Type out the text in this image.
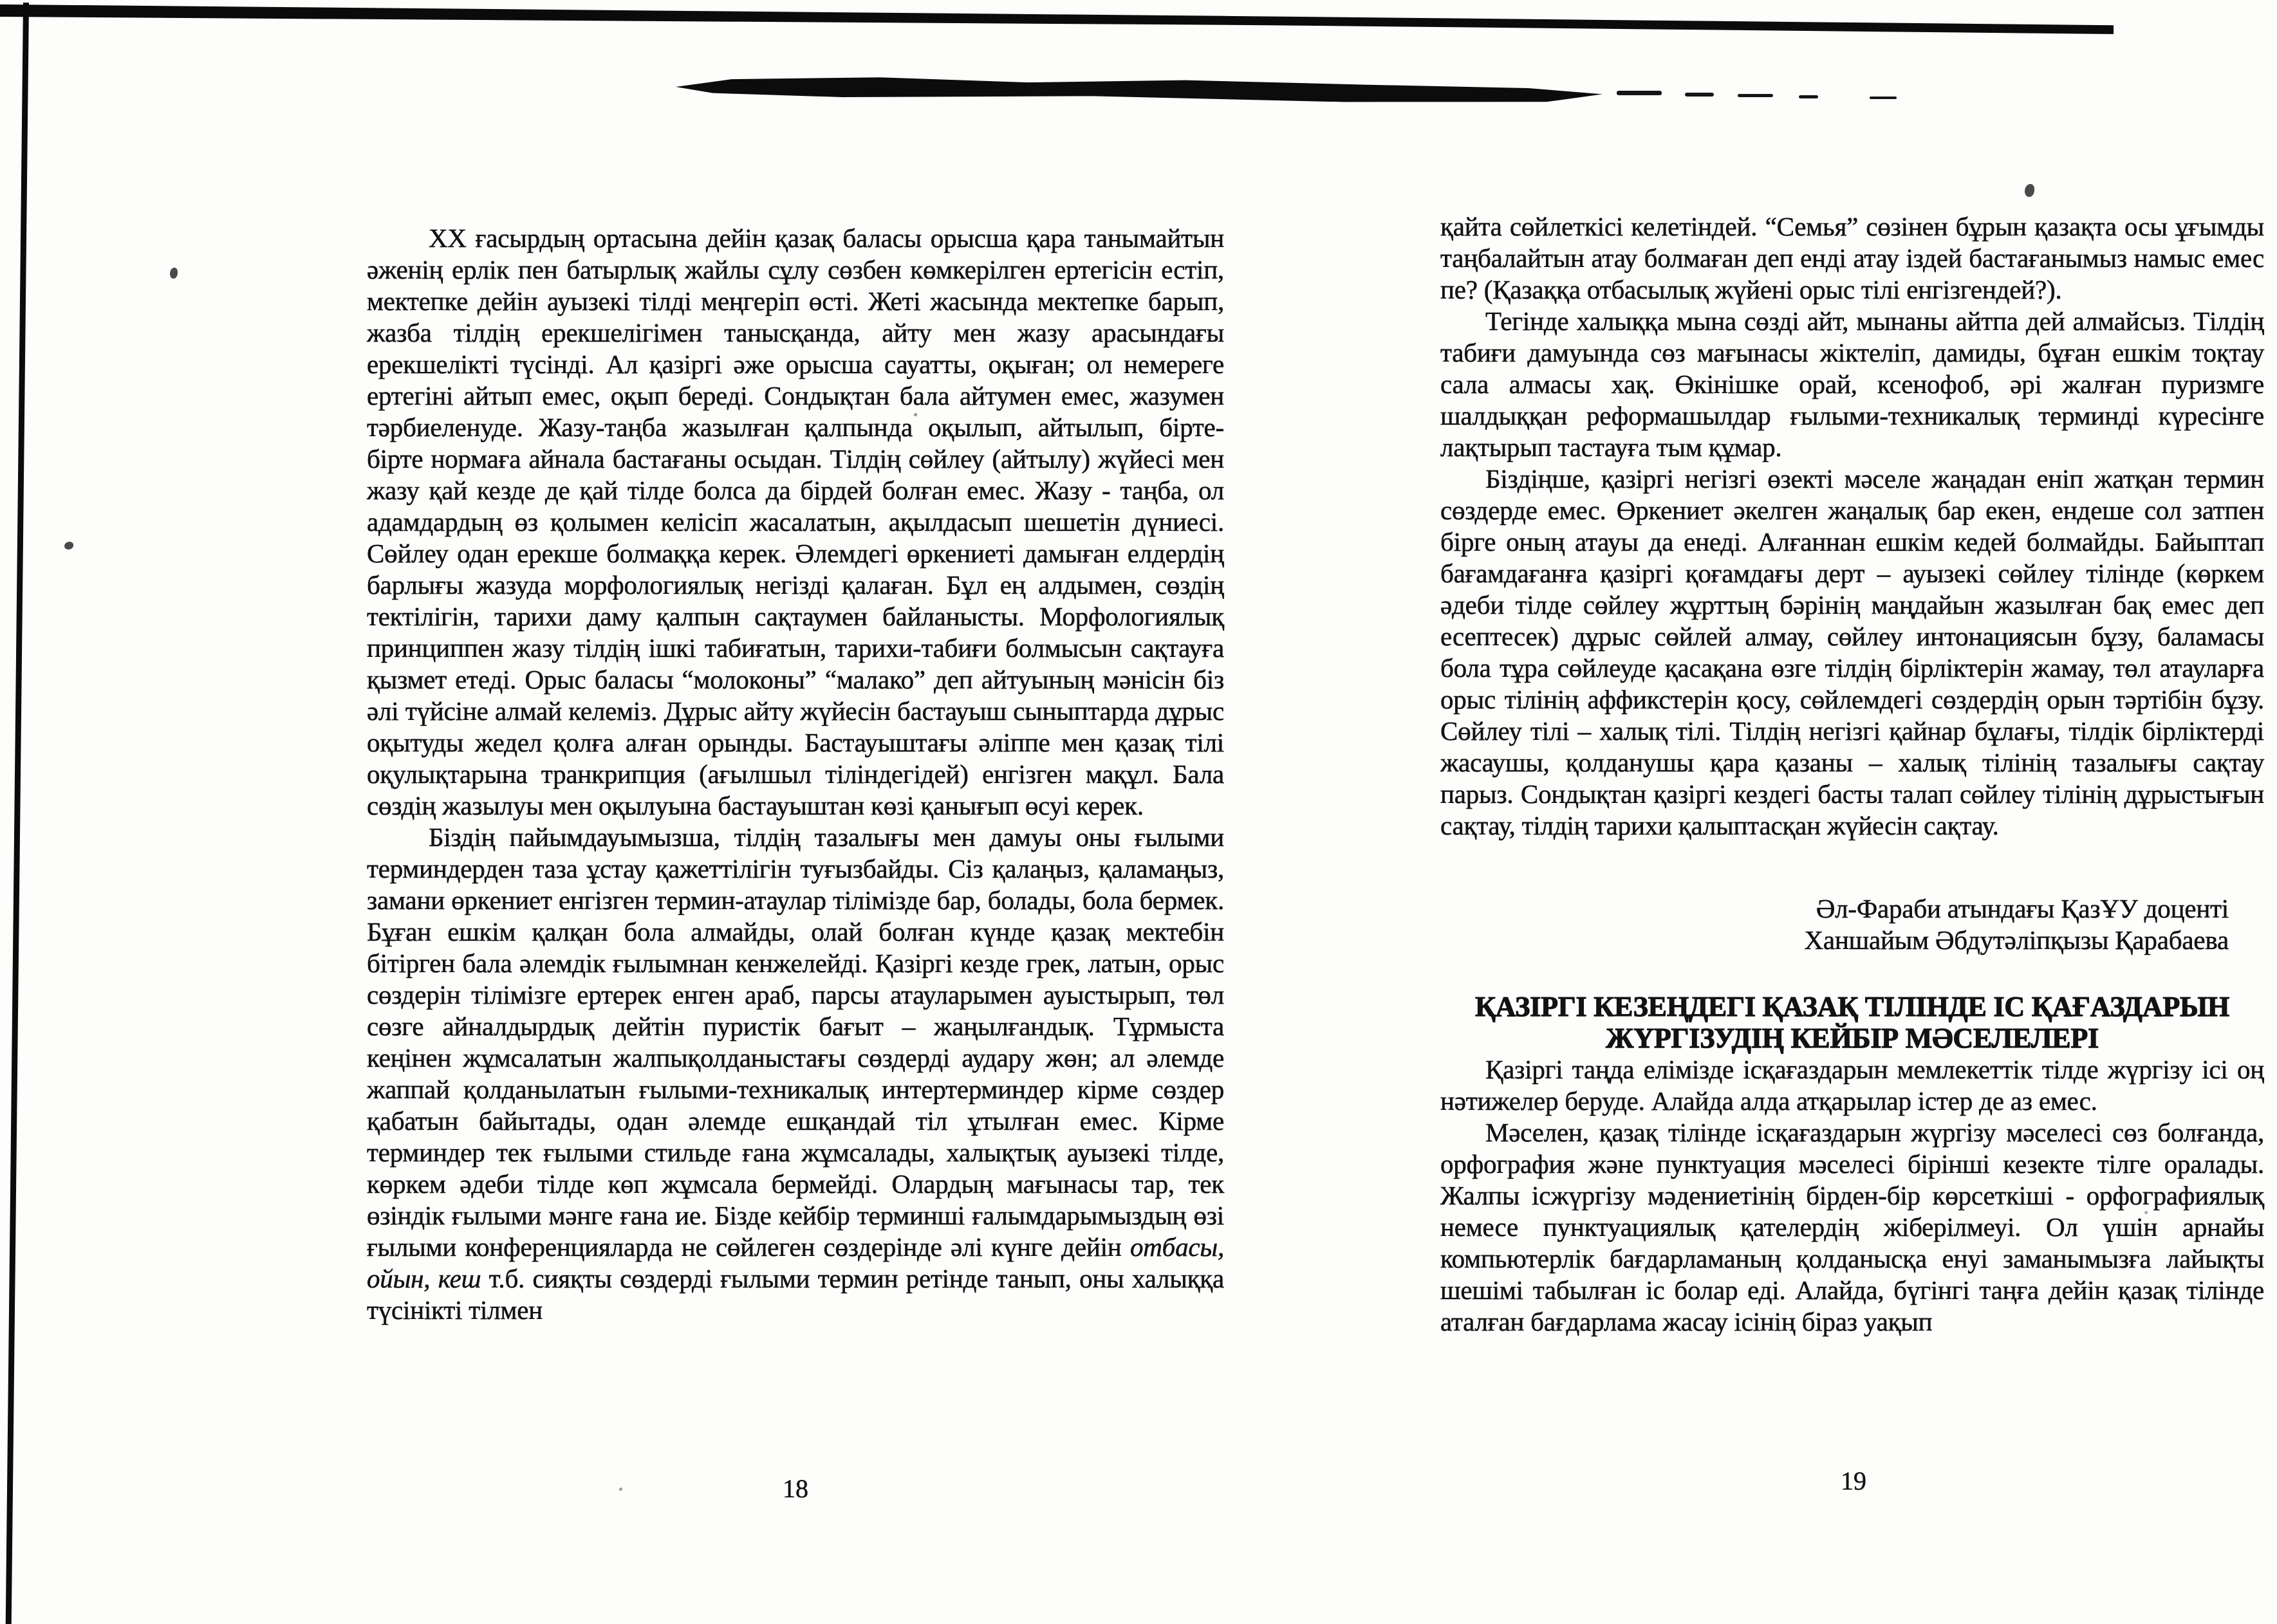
XX ғасырдың ортасына дейін қазақ баласы орысша қара танымайтын әженің ерлік пен батырлық жайлы сұлу сөзбен көмкерілген ертегісін естіп, мектепке дейін ауызекі тілді меңгеріп өсті. Жеті жасында мектепке барып, жазба тілдің ерекшелігімен танысқанда, айту мен жазу арасындағы ерекшелікті түсінді. Ал қазіргі әже орысша сауатты, оқыған; ол немереге ертегіні айтып емес, оқып береді. Сондықтан бала айтумен емес, жазумен тәрбиеленуде. Жазу-таңба жазылған қалпында оқылып, айтылып, бірте-бірте нормаға айнала бастағаны осыдан. Тілдің сөйлеу (айтылу) жүйесі мен жазу қай кезде де қай тілде болса да бірдей болған емес. Жазу - таңба, ол адамдардың өз қолымен келісіп жасалатын, ақылдасып шешетін дүниесі. Сөйлеу одан ерекше болмаққа керек. Әлемдегі өркениеті дамыған елдердің барлығы жазуда морфологиялық негізді қалаған. Бұл ең алдымен, сөздің тектілігін, тарихи даму қалпын сақтаумен байланысты. Морфологиялық принциппен жазу тілдің ішкі табиғатын, тарихи-табиғи болмысын сақтауға қызмет етеді. Орыс баласы “молоконы” “малако” деп айтуының мәнісін біз әлі түйсіне алмай келеміз. Дұрыс айту жүйесін бастауыш сыныптарда дұрыс оқытуды жедел қолға алған орынды. Бастауыштағы әліппе мен қазақ тілі оқулықтарына транкрипция (ағылшыл тіліндегідей) енгізген мақұл. Бала сөздің жазылуы мен оқылуына бастауыштан көзі қанығып өсуі керек.

Біздің пайымдауымызша, тілдің тазалығы мен дамуы оны ғылыми терминдерден таза ұстау қажеттілігін туғызбайды. Сіз қалаңыз, қаламаңыз, замани өркениет енгізген термин-атаулар тілімізде бар, болады, бола бермек. Бұған ешкім қалқан бола алмайды, олай болған күнде қазақ мектебін бітірген бала әлемдік ғылымнан кенжелейді. Қазіргі кезде грек, латын, орыс сөздерін тілімізге ертерек енген араб, парсы атауларымен ауыстырып, төл сөзге айналдырдық дейтін пуристік бағыт – жаңылғандық. Тұрмыста кеңінен жұмсалатын жалпықолданыстағы сөздерді аудару жөн; ал әлемде жаппай қолданылатын ғылыми-техникалық интертерминдер кірме сөздер қабатын байытады, одан әлемде ешқандай тіл ұтылған емес. Кірме терминдер тек ғылыми стильде ғана жұмсалады, халықтық ауызекі тілде, көркем әдеби тілде көп жұмсала бермейді. Олардың мағынасы тар, тек өзіндік ғылыми мәнге ғана ие. Бізде кейбір терминші ғалымдарымыздың өзі ғылыми конференцияларда не сөйлеген сөздерінде әлі күнге дейін отбасы, ойын, кеш т.б. сияқты сөздерді ғылыми термин ретінде танып, оны халыққа түсінікті тілмен

18

қайта сөйлеткісі келетіндей. “Семья” сөзінен бұрын қазақта осы ұғымды таңбалайтын атау болмаған деп енді атау іздей бастағанымыз намыс емес пе? (Қазаққа отбасылық жүйені орыс тілі енгізгендей?).

Тегінде халыққа мына сөзді айт, мынаны айтпа дей алмайсыз. Тілдің табиғи дамуында сөз мағынасы жіктеліп, дамиды, бұған ешкім тоқтау сала алмасы хақ. Өкінішке орай, ксенофоб, әрі жалған пуризмге шалдыққан реформашылдар ғылыми-техникалық терминді күресінге лақтырып тастауға тым құмар.

Біздіңше, қазіргі негізгі өзекті мәселе жаңадан еніп жатқан термин сөздерде емес. Өркениет әкелген жаңалық бар екен, ендеше сол затпен бірге оның атауы да енеді. Алғаннан ешкім кедей болмайды. Байыптап бағамдағанға қазіргі қоғамдағы дерт – ауызекі сөйлеу тілінде (көркем әдеби тілде сөйлеу жұрттың бәрінің маңдайын жазылған бақ емес деп есептесек) дұрыс сөйлей алмау, сөйлеу интонациясын бұзу, баламасы бола тұра сөйлеуде қасақана өзге тілдің бірліктерін жамау, төл атауларға орыс тілінің аффикстерін қосу, сөйлемдегі сөздердің орын тәртібін бұзу. Сөйлеу тілі – халық тілі. Тілдің негізгі қайнар бұлағы, тілдік бірліктерді жасаушы, қолданушы қара қазаны – халық тілінің тазалығы сақтау парыз. Сондықтан қазіргі кездегі басты талап сөйлеу тілінің дұрыстығын сақтау, тілдің тарихи қалыптасқан жүйесін сақтау.

Әл-Фараби атындағы ҚазҰУ доценті
Ханшайым Әбдутәліпқызы Қарабаева
ҚАЗІРГІ КЕЗЕҢДЕГІ ҚАЗАҚ ТІЛІНДЕ ІС ҚАҒАЗДАРЫН ЖҮРГІЗУДІҢ КЕЙБІР МӘСЕЛЕЛЕРІ

Қазіргі таңда елімізде ісқағаздарын мемлекеттік тілде жүргізу ісі оң нәтижелер беруде. Алайда алда атқарылар істер де аз емес.

Мәселен, қазақ тілінде ісқағаздарын жүргізу мәселесі сөз болғанда, орфография және пунктуация мәселесі бірінші кезекте тілге оралады. Жалпы ісжүргізу мәдениетінің бірден-бір көрсеткіші - орфографиялық немесе пунктуациялық қателердің жіберілмеуі. Ол үшін арнайы компьютерлік бағдарламаның қолданысқа енуі заманымызға лайықты шешімі табылған іс болар еді. Алайда, бүгінгі таңға дейін қазақ тілінде аталған бағдарлама жасау ісінің біраз уақып

19
